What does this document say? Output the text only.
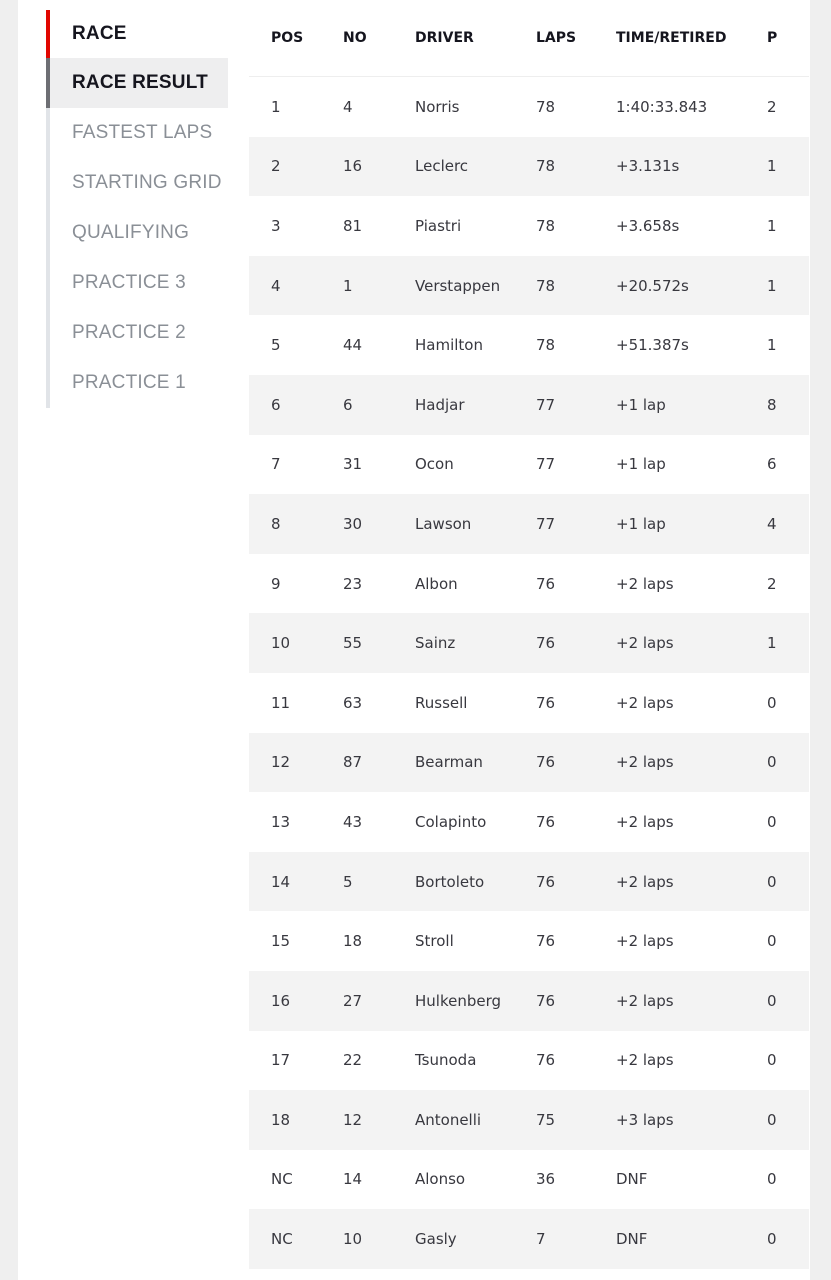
RACE
RACE RESULT
FASTEST LAPS
STARTING GRID
QUALIFYING
PRACTICE 3
PRACTICE 2
PRACTICE 1
POS	NO	DRIVER	LAPS	TIME/RETIRED	P
1	4	Norris	78	1:40:33.843	2
2	16	Leclerc	78	+3.131s	1
3	81	Piastri	78	+3.658s	1
4	1	Verstappen	78	+20.572s	1
5	44	Hamilton	78	+51.387s	1
6	6	Hadjar	77	+1 lap	8
7	31	Ocon	77	+1 lap	6
8	30	Lawson	77	+1 lap	4
9	23	Albon	76	+2 laps	2
10	55	Sainz	76	+2 laps	1
11	63	Russell	76	+2 laps	0
12	87	Bearman	76	+2 laps	0
13	43	Colapinto	76	+2 laps	0
14	5	Bortoleto	76	+2 laps	0
15	18	Stroll	76	+2 laps	0
16	27	Hulkenberg	76	+2 laps	0
17	22	Tsunoda	76	+2 laps	0
18	12	Antonelli	75	+3 laps	0
NC	14	Alonso	36	DNF	0
NC	10	Gasly	7	DNF	0
